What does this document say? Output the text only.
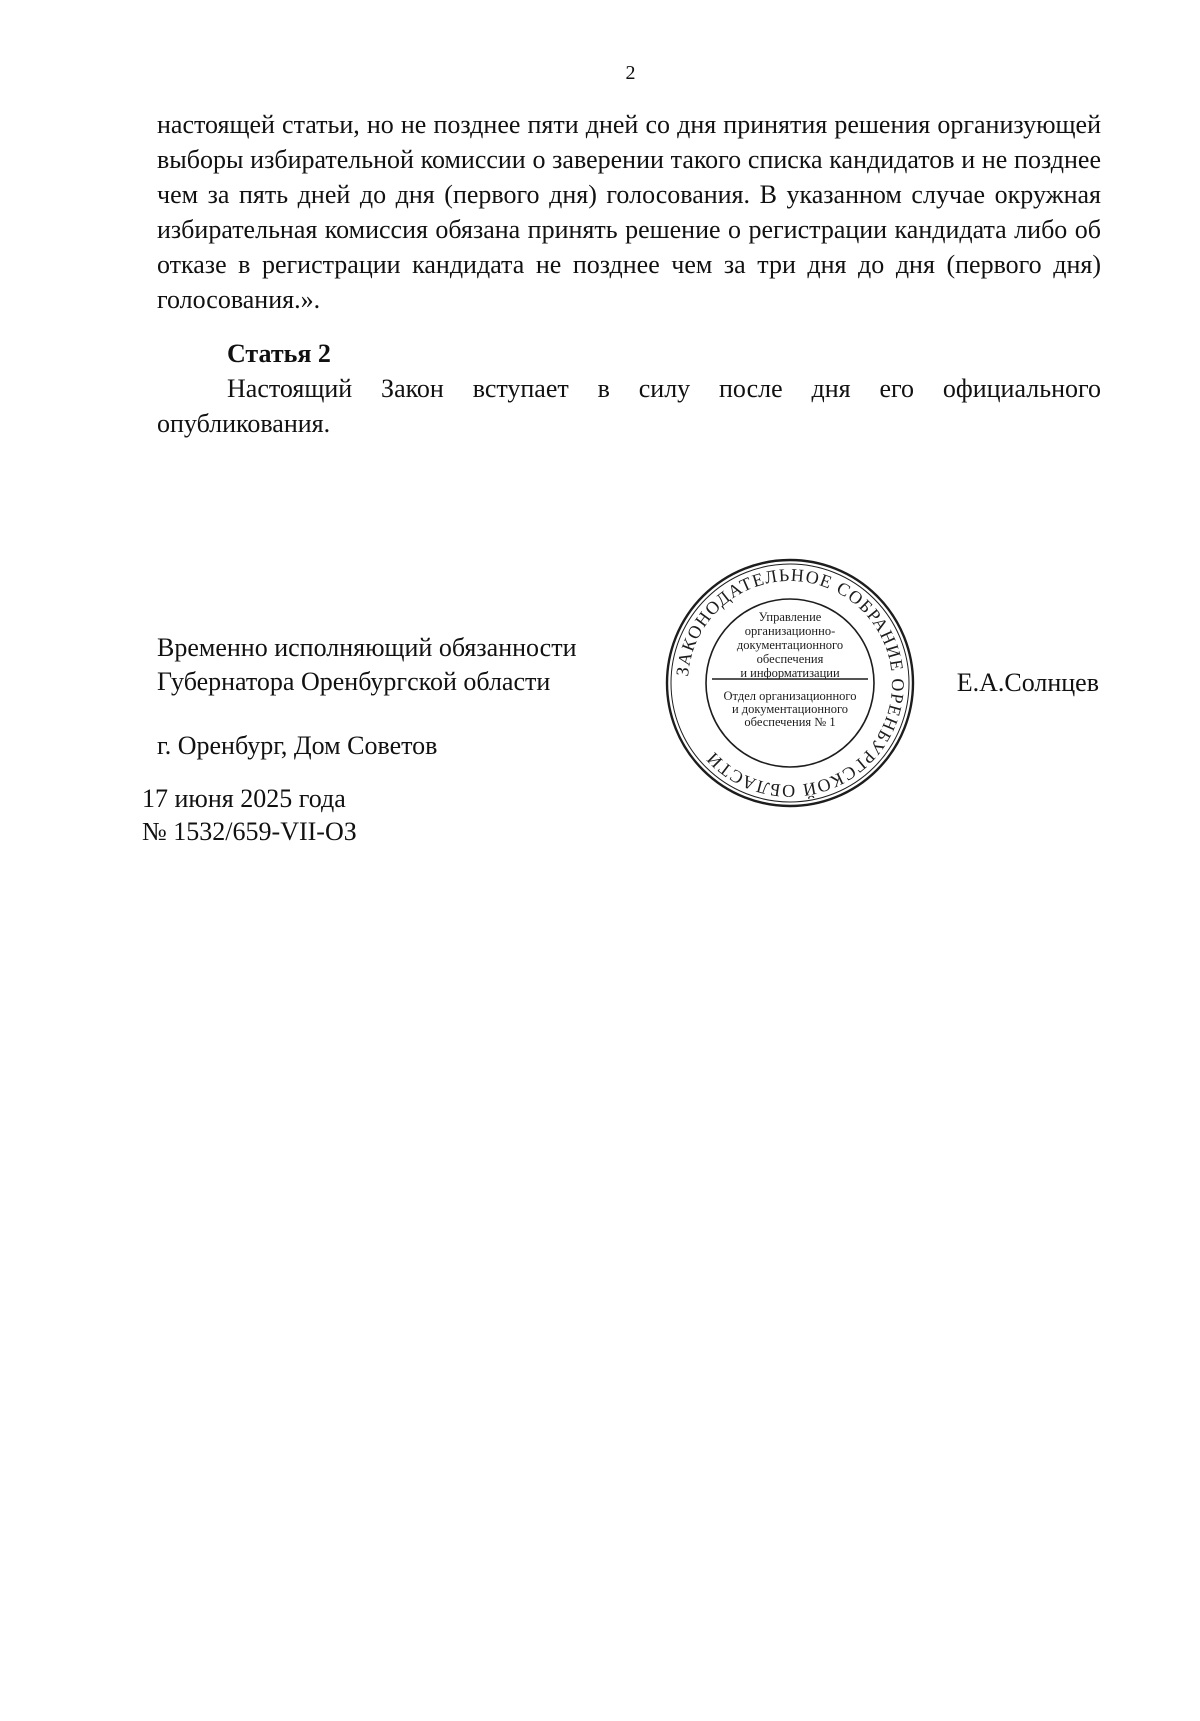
2
настоящей статьи, но не позднее пяти дней со дня принятия решения организующей выборы избирательной комиссии о заверении такого списка кандидатов и не позднее чем за пять дней до дня (первого дня) голосования. В указанном случае окружная избирательная комиссия обязана принять решение о регистрации кандидата либо об отказе в регистрации кандидата не позднее чем за три дня до дня (первого дня) голосования.».
Статья 2
Настоящий Закон вступает в силу после дня его официального опубликования.
Временно исполняющий обязанности
Губернатора Оренбургской области	Е.А.Солнцев
г. Оренбург, Дом Советов
17 июня 2025 года
№ 1532/659-VII-ОЗ
ЗАКОНОДАТЕЛЬНОЕ СОБРАНИЕ ОРЕНБУРГСКОЙ ОБЛАСТИ
Управление
организационно-
документационного
обеспечения
и информатизации
Отдел организационного
и документационного
обеспечения № 1
